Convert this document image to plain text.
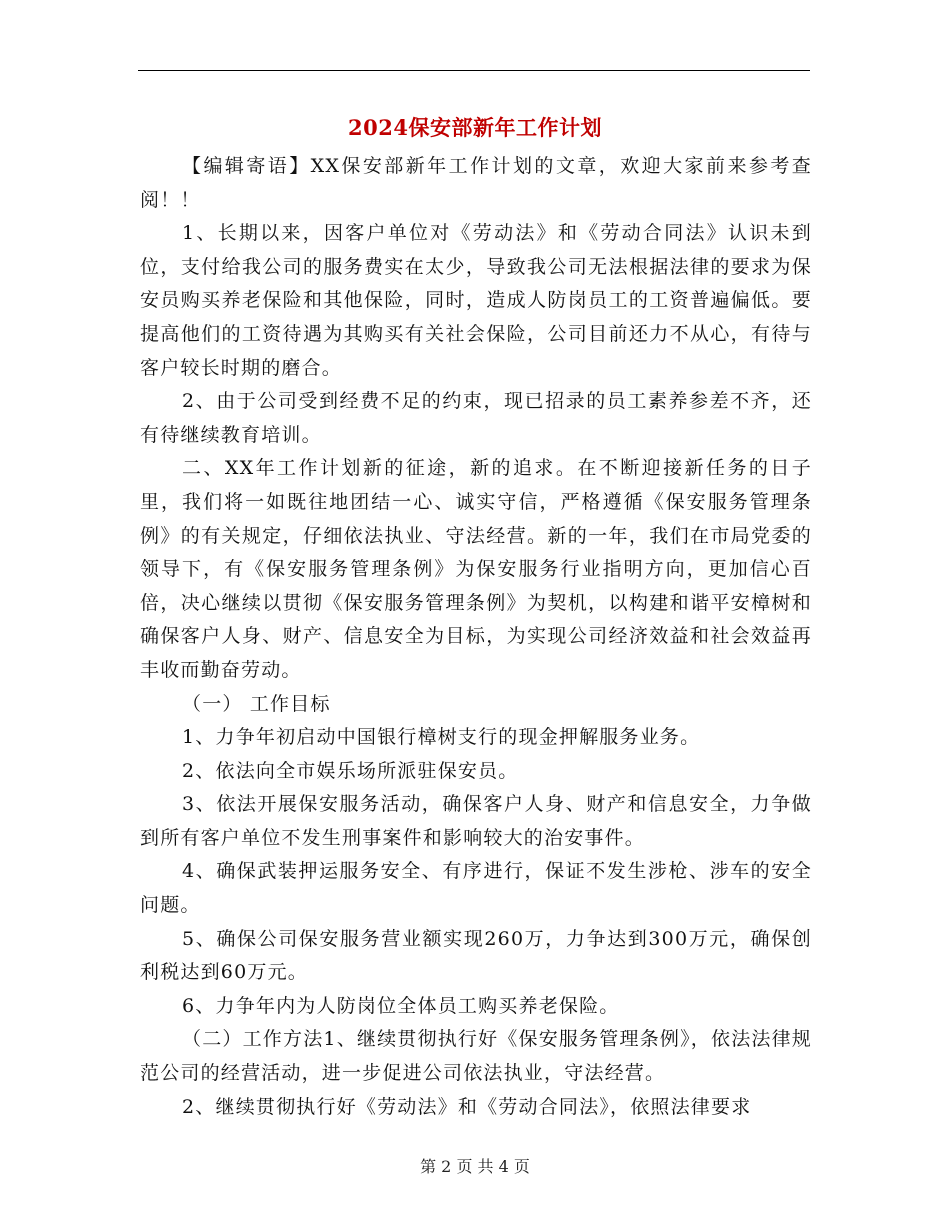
2024保安部新年工作计划

【编辑寄语】XX保安部新年工作计划的文章，欢迎大家前来参考查阅！！

1、长期以来，因客户单位对《劳动法》和《劳动合同法》认识未到位，支付给我公司的服务费实在太少，导致我公司无法根据法律的要求为保安员购买养老保险和其他保险，同时，造成人防岗员工的工资普遍偏低。要提高他们的工资待遇为其购买有关社会保险，公司目前还力不从心，有待与客户较长时期的磨合。

2、由于公司受到经费不足的约束，现已招录的员工素养参差不齐，还有待继续教育培训。

二、XX年工作计划新的征途，新的追求。在不断迎接新任务的日子里，我们将一如既往地团结一心、诚实守信，严格遵循《保安服务管理条例》的有关规定，仔细依法执业、守法经营。新的一年，我们在市局党委的领导下，有《保安服务管理条例》为保安服务行业指明方向，更加信心百倍，决心继续以贯彻《保安服务管理条例》为契机，以构建和谐平安樟树和确保客户人身、财产、信息安全为目标，为实现公司经济效益和社会效益再丰收而勤奋劳动。

（一） 工作目标

1、力争年初启动中国银行樟树支行的现金押解服务业务。

2、依法向全市娱乐场所派驻保安员。

3、依法开展保安服务活动，确保客户人身、财产和信息安全，力争做到所有客户单位不发生刑事案件和影响较大的治安事件。

4、确保武装押运服务安全、有序进行，保证不发生涉枪、涉车的安全问题。

5、确保公司保安服务营业额实现260万，力争达到300万元，确保创利税达到60万元。

6、力争年内为人防岗位全体员工购买养老保险。

（二）工作方法1、继续贯彻执行好《保安服务管理条例》，依法法律规范公司的经营活动，进一步促进公司依法执业，守法经营。

2、继续贯彻执行好《劳动法》和《劳动合同法》，依照法律要求

第 2 页 共 4 页
